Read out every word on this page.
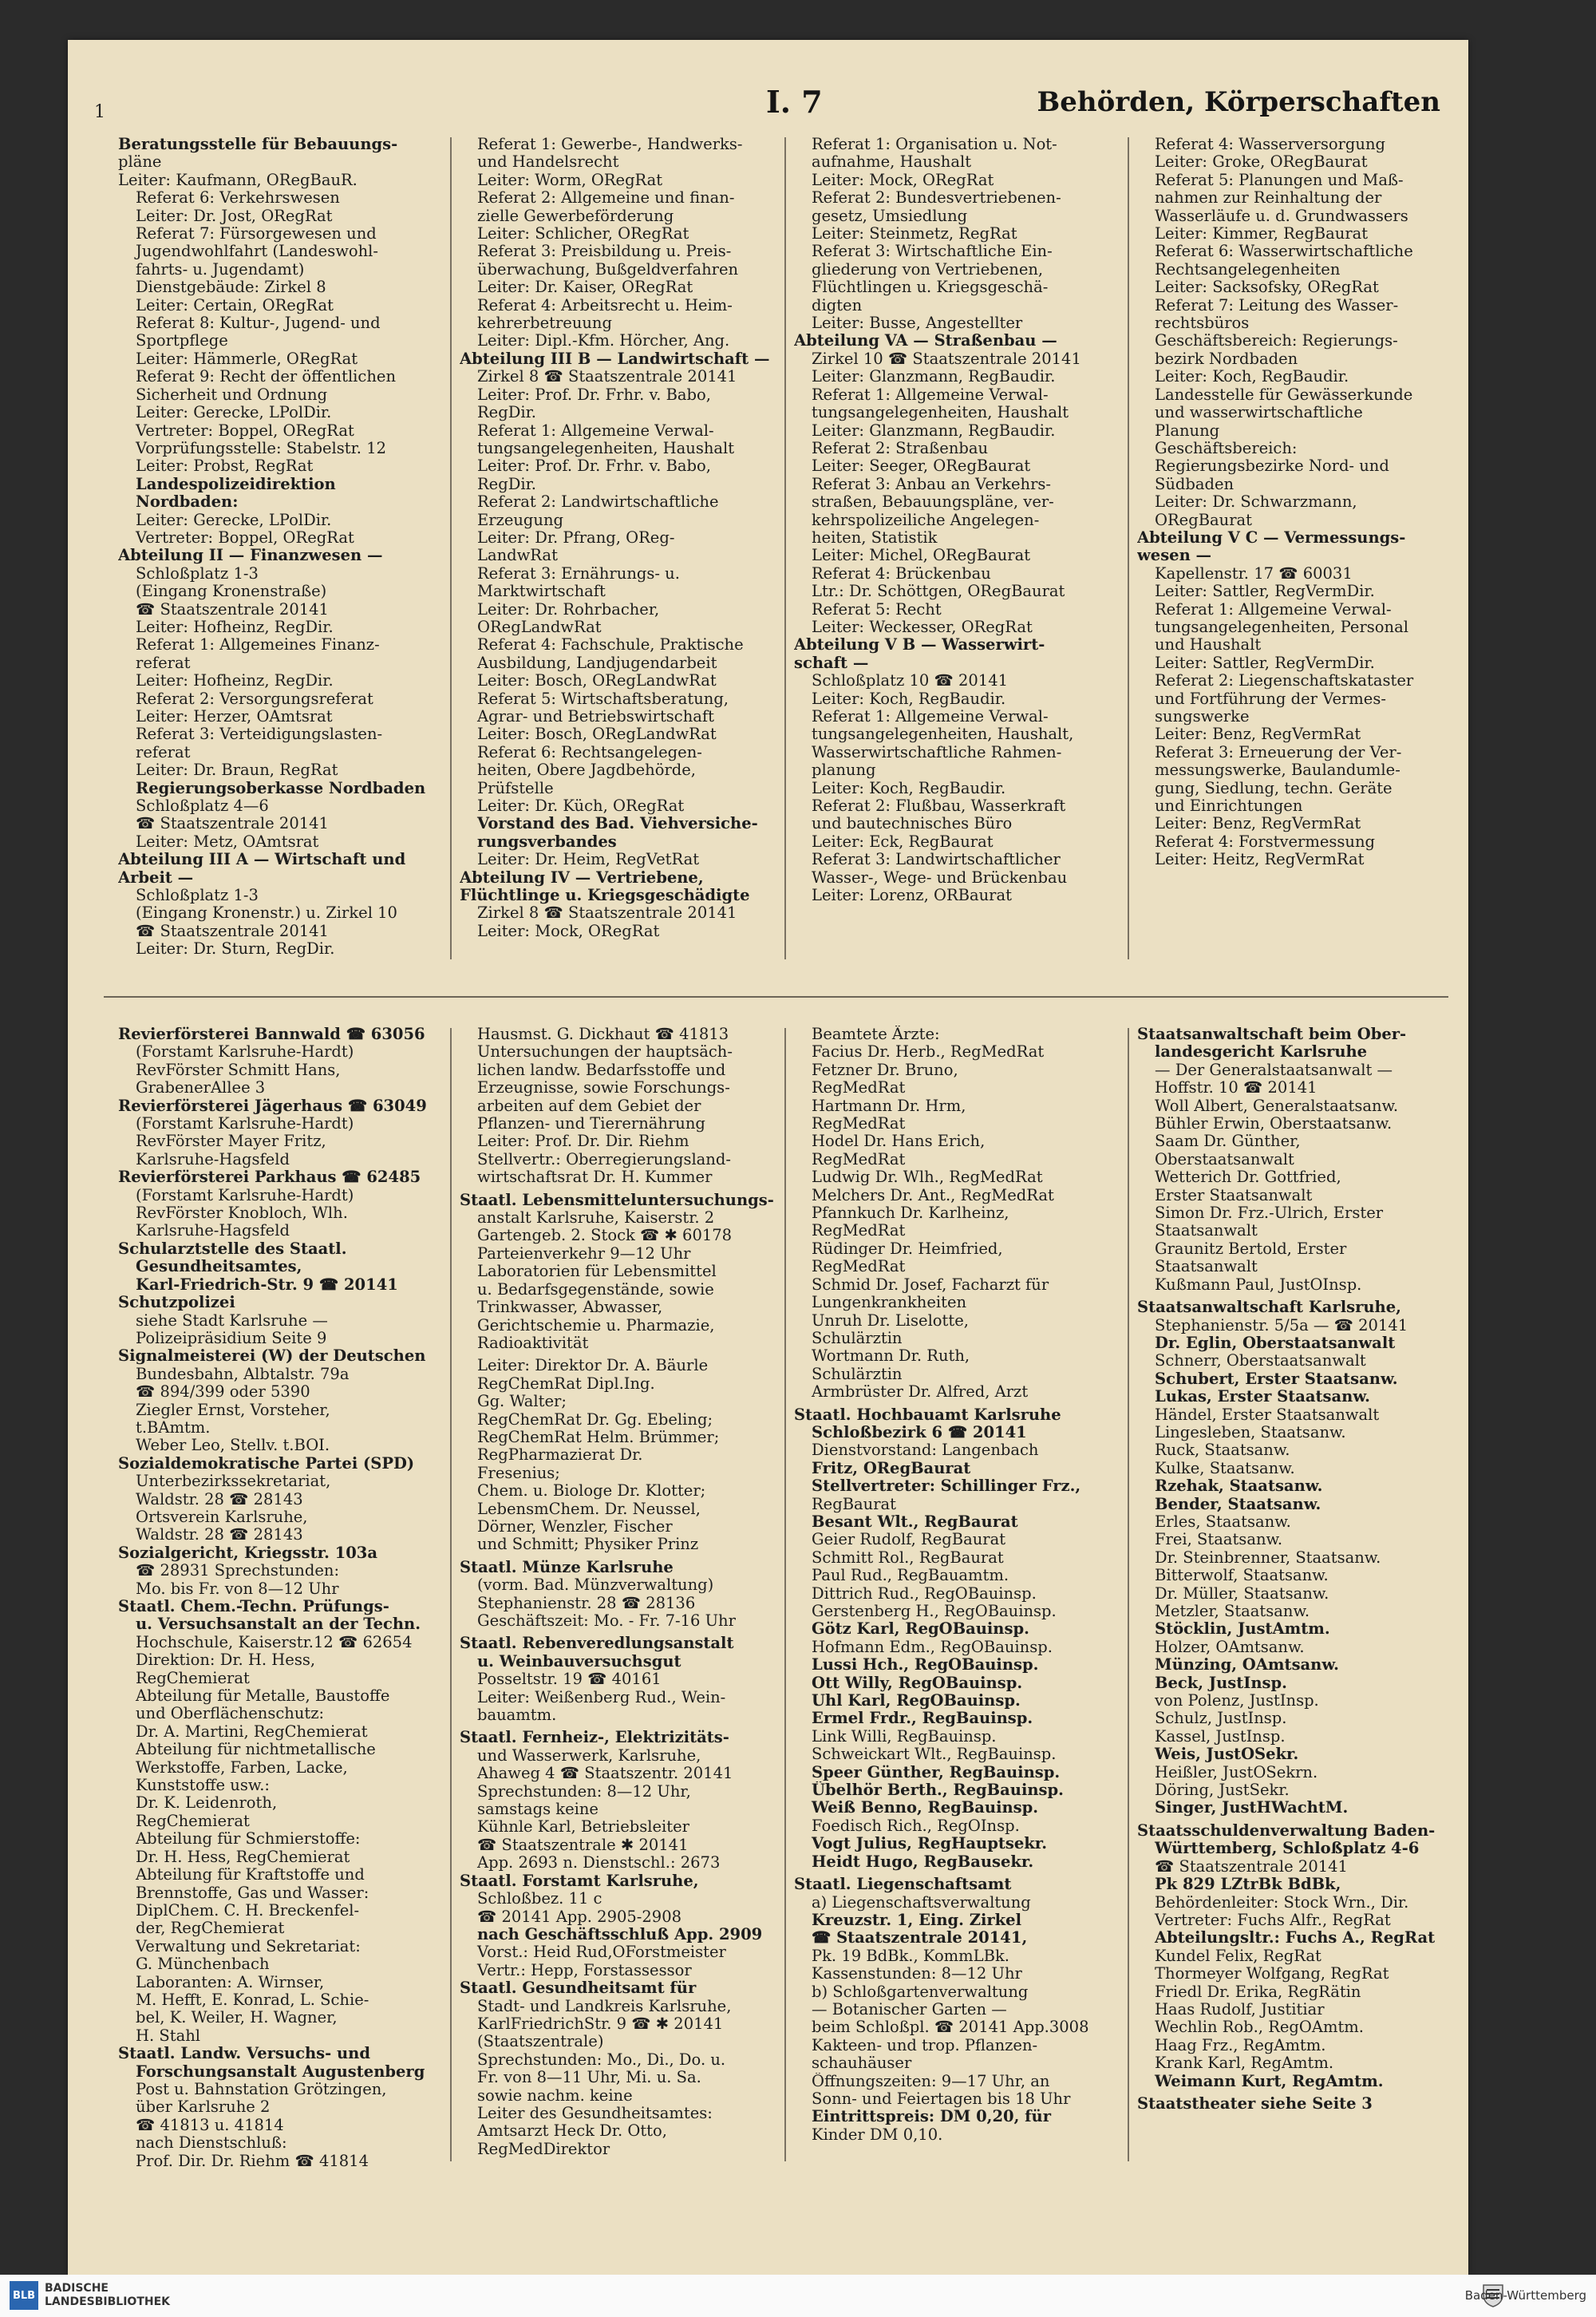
1	I. 7	Behörden, Körperschaften
Beratungsstelle für Bebauungs-
pläne
Leiter: Kaufmann, ORegBauR.
Referat 6: Verkehrswesen
Leiter: Dr. Jost, ORegRat
Referat 7: Fürsorgewesen und
Jugendwohlfahrt (Landeswohl-
fahrts- u. Jugendamt)
Dienstgebäude: Zirkel 8
Leiter: Certain, ORegRat
Referat 8: Kultur-, Jugend- und
Sportpflege
Leiter: Hämmerle, ORegRat
Referat 9: Recht der öffentlichen
Sicherheit und Ordnung
Leiter: Gerecke, LPolDir.
Vertreter: Boppel, ORegRat
Vorprüfungsstelle: Stabelstr. 12
Leiter: Probst, RegRat
Landespolizeidirektion
Nordbaden:
Leiter: Gerecke, LPolDir.
Vertreter: Boppel, ORegRat
Abteilung II — Finanzwesen —
Schloßplatz 1-3
(Eingang Kronenstraße)
☎ Staatszentrale 20141
Leiter: Hofheinz, RegDir.
Referat 1: Allgemeines Finanz-
referat
Leiter: Hofheinz, RegDir.
Referat 2: Versorgungsreferat
Leiter: Herzer, OAmtsrat
Referat 3: Verteidigungslasten-
referat
Leiter: Dr. Braun, RegRat
Regierungsoberkasse Nordbaden
Schloßplatz 4—6
☎ Staatszentrale 20141
Leiter: Metz, OAmtsrat
Abteilung III A — Wirtschaft und
Arbeit —
Schloßplatz 1-3
(Eingang Kronenstr.) u. Zirkel 10
☎ Staatszentrale 20141
Leiter: Dr. Sturn, RegDir.
Referat 1: Gewerbe-, Handwerks-
und Handelsrecht
Leiter: Worm, ORegRat
Referat 2: Allgemeine und finan-
zielle Gewerbeförderung
Leiter: Schlicher, ORegRat
Referat 3: Preisbildung u. Preis-
überwachung, Bußgeldverfahren
Leiter: Dr. Kaiser, ORegRat
Referat 4: Arbeitsrecht u. Heim-
kehrerbetreuung
Leiter: Dipl.-Kfm. Hörcher, Ang.
Abteilung III B — Landwirtschaft —
Zirkel 8 ☎ Staatszentrale 20141
Leiter: Prof. Dr. Frhr. v. Babo,
RegDir.
Referat 1: Allgemeine Verwal-
tungsangelegenheiten, Haushalt
Leiter: Prof. Dr. Frhr. v. Babo,
RegDir.
Referat 2: Landwirtschaftliche
Erzeugung
Leiter: Dr. Pfrang, OReg-
LandwRat
Referat 3: Ernährungs- u.
Marktwirtschaft
Leiter: Dr. Rohrbacher,
ORegLandwRat
Referat 4: Fachschule, Praktische
Ausbildung, Landjugendarbeit
Leiter: Bosch, ORegLandwRat
Referat 5: Wirtschaftsberatung,
Agrar- und Betriebswirtschaft
Leiter: Bosch, ORegLandwRat
Referat 6: Rechtsangelegen-
heiten, Obere Jagdbehörde,
Prüfstelle
Leiter: Dr. Küch, ORegRat
Vorstand des Bad. Viehversiche-
rungsverbandes
Leiter: Dr. Heim, RegVetRat
Abteilung IV — Vertriebene,
Flüchtlinge u. Kriegsgeschädigte
Zirkel 8 ☎ Staatszentrale 20141
Leiter: Mock, ORegRat
Referat 1: Organisation u. Not-
aufnahme, Haushalt
Leiter: Mock, ORegRat
Referat 2: Bundesvertriebenen-
gesetz, Umsiedlung
Leiter: Steinmetz, RegRat
Referat 3: Wirtschaftliche Ein-
gliederung von Vertriebenen,
Flüchtlingen u. Kriegsgeschä-
digten
Leiter: Busse, Angestellter
Abteilung VA — Straßenbau —
Zirkel 10 ☎ Staatszentrale 20141
Leiter: Glanzmann, RegBaudir.
Referat 1: Allgemeine Verwal-
tungsangelegenheiten, Haushalt
Leiter: Glanzmann, RegBaudir.
Referat 2: Straßenbau
Leiter: Seeger, ORegBaurat
Referat 3: Anbau an Verkehrs-
straßen, Bebauungspläne, ver-
kehrspolizeiliche Angelegen-
heiten, Statistik
Leiter: Michel, ORegBaurat
Referat 4: Brückenbau
Ltr.: Dr. Schöttgen, ORegBaurat
Referat 5: Recht
Leiter: Weckesser, ORegRat
Abteilung V B — Wasserwirt-
schaft —
Schloßplatz 10 ☎ 20141
Leiter: Koch, RegBaudir.
Referat 1: Allgemeine Verwal-
tungsangelegenheiten, Haushalt,
Wasserwirtschaftliche Rahmen-
planung
Leiter: Koch, RegBaudir.
Referat 2: Flußbau, Wasserkraft
und bautechnisches Büro
Leiter: Eck, RegBaurat
Referat 3: Landwirtschaftlicher
Wasser-, Wege- und Brückenbau
Leiter: Lorenz, ORBaurat
Referat 4: Wasserversorgung
Leiter: Groke, ORegBaurat
Referat 5: Planungen und Maß-
nahmen zur Reinhaltung der
Wasserläufe u. d. Grundwassers
Leiter: Kimmer, RegBaurat
Referat 6: Wasserwirtschaftliche
Rechtsangelegenheiten
Leiter: Sacksofsky, ORegRat
Referat 7: Leitung des Wasser-
rechtsbüros
Geschäftsbereich: Regierungs-
bezirk Nordbaden
Leiter: Koch, RegBaudir.
Landesstelle für Gewässerkunde
und wasserwirtschaftliche
Planung
Geschäftsbereich:
Regierungsbezirke Nord- und
Südbaden
Leiter: Dr. Schwarzmann,
ORegBaurat
Abteilung V C — Vermessungs-
wesen —
Kapellenstr. 17 ☎ 60031
Leiter: Sattler, RegVermDir.
Referat 1: Allgemeine Verwal-
tungsangelegenheiten, Personal
und Haushalt
Leiter: Sattler, RegVermDir.
Referat 2: Liegenschaftskataster
und Fortführung der Vermes-
sungswerke
Leiter: Benz, RegVermRat
Referat 3: Erneuerung der Ver-
messungswerke, Baulandumle-
gung, Siedlung, techn. Geräte
und Einrichtungen
Leiter: Benz, RegVermRat
Referat 4: Forstvermessung
Leiter: Heitz, RegVermRat
Revierförsterei Bannwald ☎ 63056
(Forstamt Karlsruhe-Hardt)
RevFörster Schmitt Hans,
GrabenerAllee 3
Revierförsterei Jägerhaus ☎ 63049
(Forstamt Karlsruhe-Hardt)
RevFörster Mayer Fritz,
Karlsruhe-Hagsfeld
Revierförsterei Parkhaus ☎ 62485
(Forstamt Karlsruhe-Hardt)
RevFörster Knobloch, Wlh.
Karlsruhe-Hagsfeld
Schularztstelle des Staatl.
Gesundheitsamtes,
Karl-Friedrich-Str. 9 ☎ 20141
Schutzpolizei
siehe Stadt Karlsruhe —
Polizeipräsidium Seite 9
Signalmeisterei (W) der Deutschen
Bundesbahn, Albtalstr. 79a
☎ 894/399 oder 5390
Ziegler Ernst, Vorsteher,
t.BAmtm.
Weber Leo, Stellv. t.BOI.
Sozialdemokratische Partei (SPD)
Unterbezirkssekretariat,
Waldstr. 28 ☎ 28143
Ortsverein Karlsruhe,
Waldstr. 28 ☎ 28143
Sozialgericht, Kriegsstr. 103a
☎ 28931 Sprechstunden:
Mo. bis Fr. von 8—12 Uhr
Staatl. Chem.-Techn. Prüfungs-
u. Versuchsanstalt an der Techn.
Hochschule, Kaiserstr.12 ☎ 62654
Direktion: Dr. H. Hess,
RegChemierat
Abteilung für Metalle, Baustoffe
und Oberflächenschutz:
Dr. A. Martini, RegChemierat
Abteilung für nichtmetallische
Werkstoffe, Farben, Lacke,
Kunststoffe usw.:
Dr. K. Leidenroth,
RegChemierat
Abteilung für Schmierstoffe:
Dr. H. Hess, RegChemierat
Abteilung für Kraftstoffe und
Brennstoffe, Gas und Wasser:
DiplChem. C. H. Breckenfel-
der, RegChemierat
Verwaltung und Sekretariat:
G. Münchenbach
Laboranten: A. Wirnser,
M. Hefft, E. Konrad, L. Schie-
bel, K. Weiler, H. Wagner,
H. Stahl
Staatl. Landw. Versuchs- und
Forschungsanstalt Augustenberg
Post u. Bahnstation Grötzingen,
über Karlsruhe 2
☎ 41813 u. 41814
nach Dienstschluß:
Prof. Dir. Dr. Riehm ☎ 41814
Hausmst. G. Dickhaut ☎ 41813
Untersuchungen der hauptsäch-
lichen landw. Bedarfsstoffe und
Erzeugnisse, sowie Forschungs-
arbeiten auf dem Gebiet der
Pflanzen- und Tierernährung
Leiter: Prof. Dr. Dir. Riehm
Stellvertr.: Oberregierungsland-
wirtschaftsrat Dr. H. Kummer
Staatl. Lebensmitteluntersuchungs-
anstalt Karlsruhe, Kaiserstr. 2
Gartengeb. 2. Stock ☎ ✱ 60178
Parteienverkehr 9—12 Uhr
Laboratorien für Lebensmittel
u. Bedarfsgegenstände, sowie
Trinkwasser, Abwasser,
Gerichtschemie u. Pharmazie,
Radioaktivität
Leiter: Direktor Dr. A. Bäurle
RegChemRat Dipl.Ing.
Gg. Walter;
RegChemRat Dr. Gg. Ebeling;
RegChemRat Helm. Brümmer;
RegPharmazierat Dr.
Fresenius;
Chem. u. Biologe Dr. Klotter;
LebensmChem. Dr. Neussel,
Dörner, Wenzler, Fischer
und Schmitt; Physiker Prinz
Staatl. Münze Karlsruhe
(vorm. Bad. Münzverwaltung)
Stephanienstr. 28 ☎ 28136
Geschäftszeit: Mo. - Fr. 7-16 Uhr
Staatl. Rebenveredlungsanstalt
u. Weinbauversuchsgut
Posseltstr. 19 ☎ 40161
Leiter: Weißenberg Rud., Wein-
bauamtm.
Staatl. Fernheiz-, Elektrizitäts-
und Wasserwerk, Karlsruhe,
Ahaweg 4 ☎ Staatszentr. 20141
Sprechstunden: 8—12 Uhr,
samstags keine
Kühnle Karl, Betriebsleiter
☎ Staatszentrale ✱ 20141
App. 2693 n. Dienstschl.: 2673
Staatl. Forstamt Karlsruhe,
Schloßbez. 11 c
☎ 20141 App. 2905-2908
nach Geschäftsschluß App. 2909
Vorst.: Heid Rud,OForstmeister
Vertr.: Hepp, Forstassessor
Staatl. Gesundheitsamt für
Stadt- und Landkreis Karlsruhe,
KarlFriedrichStr. 9 ☎ ✱ 20141
(Staatszentrale)
Sprechstunden: Mo., Di., Do. u.
Fr. von 8—11 Uhr, Mi. u. Sa.
sowie nachm. keine
Leiter des Gesundheitsamtes:
Amtsarzt Heck Dr. Otto,
RegMedDirektor
Beamtete Ärzte:
Facius Dr. Herb., RegMedRat
Fetzner Dr. Bruno,
RegMedRat
Hartmann Dr. Hrm,
RegMedRat
Hodel Dr. Hans Erich,
RegMedRat
Ludwig Dr. Wlh., RegMedRat
Melchers Dr. Ant., RegMedRat
Pfannkuch Dr. Karlheinz,
RegMedRat
Rüdinger Dr. Heimfried,
RegMedRat
Schmid Dr. Josef, Facharzt für
Lungenkrankheiten
Unruh Dr. Liselotte,
Schulärztin
Wortmann Dr. Ruth,
Schulärztin
Armbrüster Dr. Alfred, Arzt
Staatl. Hochbauamt Karlsruhe
Schloßbezirk 6 ☎ 20141
Dienstvorstand: Langenbach
Fritz, ORegBaurat
Stellvertreter: Schillinger Frz.,
RegBaurat
Besant Wlt., RegBaurat
Geier Rudolf, RegBaurat
Schmitt Rol., RegBaurat
Paul Rud., RegBauamtm.
Dittrich Rud., RegOBauinsp.
Gerstenberg H., RegOBauinsp.
Götz Karl, RegOBauinsp.
Hofmann Edm., RegOBauinsp.
Lussi Hch., RegOBauinsp.
Ott Willy, RegOBauinsp.
Uhl Karl, RegOBauinsp.
Ermel Frdr., RegBauinsp.
Link Willi, RegBauinsp.
Schweickart Wlt., RegBauinsp.
Speer Günther, RegBauinsp.
Übelhör Berth., RegBauinsp.
Weiß Benno, RegBauinsp.
Foedisch Rich., RegOInsp.
Vogt Julius, RegHauptsekr.
Heidt Hugo, RegBausekr.
Staatl. Liegenschaftsamt
a) Liegenschaftsverwaltung
Kreuzstr. 1, Eing. Zirkel
☎ Staatszentrale 20141,
Pk. 19 BdBk., KommLBk.
Kassenstunden: 8—12 Uhr
b) Schloßgartenverwaltung
— Botanischer Garten —
beim Schloßpl. ☎ 20141 App.3008
Kakteen- und trop. Pflanzen-
schauhäuser
Öffnungszeiten: 9—17 Uhr, an
Sonn- und Feiertagen bis 18 Uhr
Eintrittspreis: DM 0,20, für
Kinder DM 0,10.
Staatsanwaltschaft beim Ober-
landesgericht Karlsruhe
— Der Generalstaatsanwalt —
Hoffstr. 10 ☎ 20141
Woll Albert, Generalstaatsanw.
Bühler Erwin, Oberstaatsanw.
Saam Dr. Günther,
Oberstaatsanwalt
Wetterich Dr. Gottfried,
Erster Staatsanwalt
Simon Dr. Frz.-Ulrich, Erster
Staatsanwalt
Graunitz Bertold, Erster
Staatsanwalt
Kußmann Paul, JustOInsp.
Staatsanwaltschaft Karlsruhe,
Stephanienstr. 5/5a — ☎ 20141
Dr. Eglin, Oberstaatsanwalt
Schnerr, Oberstaatsanwalt
Schubert, Erster Staatsanw.
Lukas, Erster Staatsanw.
Händel, Erster Staatsanwalt
Lingesleben, Staatsanw.
Ruck, Staatsanw.
Kulke, Staatsanw.
Rzehak, Staatsanw.
Bender, Staatsanw.
Erles, Staatsanw.
Frei, Staatsanw.
Dr. Steinbrenner, Staatsanw.
Bitterwolf, Staatsanw.
Dr. Müller, Staatsanw.
Metzler, Staatsanw.
Stöcklin, JustAmtm.
Holzer, OAmtsanw.
Münzing, OAmtsanw.
Beck, JustInsp.
von Polenz, JustInsp.
Schulz, JustInsp.
Kassel, JustInsp.
Weis, JustOSekr.
Heißler, JustOSekrn.
Döring, JustSekr.
Singer, JustHWachtM.
Staatsschuldenverwaltung Baden-
Württemberg, Schloßplatz 4-6
☎ Staatszentrale 20141
Pk 829 LZtrBk BdBk,
Behördenleiter: Stock Wrn., Dir.
Vertreter: Fuchs Alfr., RegRat
Abteilungsltr.: Fuchs A., RegRat
Kundel Felix, RegRat
Thormeyer Wolfgang, RegRat
Friedl Dr. Erika, RegRätin
Haas Rudolf, Justitiar
Wechlin Rob., RegOAmtm.
Haag Frz., RegAmtm.
Krank Karl, RegAmtm.
Weimann Kurt, RegAmtm.
Staatstheater siehe Seite 3
BLB
BADISCHE
LANDESBIBLIOTHEK	Baden-Württemberg
